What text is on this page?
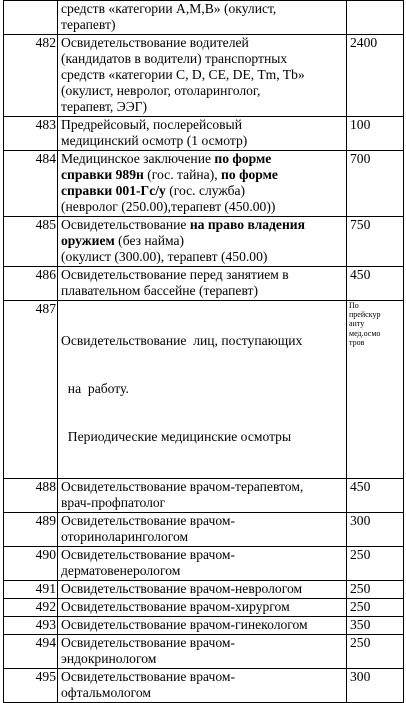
	средств «категории А,М,В» (окулист,
терапевт)	

482	Освидетельствование водителей
(кандидатов в водители) транспортных
средств «категории С, D, CE, DE, Tm, Tb»
(окулист, невролог, отоларинголог,
терапевт, ЭЭГ)	2400
483	Предрейсовый, послерейсовый
медицинский осмотр (1 осмотр)	100
484	Медицинское заключение по форме
справки 989н (гос. тайна), по форме
справки 001-Гс/у (гос. служба)
(невролог (250.00),терапевт (450.00))	700
485	Освидетельствование на право владения
оружием (без найма)
(окулист (300.00), терапевт (450.00)	750
486	Освидетельствование перед занятием в
плавательном бассейне (терапевт)	450
487	Освидетельствование  лиц, поступающих

на  работу.

Периодические медицинские осмотры	По
прейскур
анту
мед.осмо
тров

488	Освидетельствование врачом-терапевтом,
врач-профпатолог	450
489	Освидетельствование врачом-
оториноларингологом	300
490	Освидетельствование врачом-
дерматовенерологом	250
491	Освидетельствование врачом-неврологом	250
492	Освидетельствование врачом-хирургом	250
493	Освидетельствование врачом-гинекологом	350
494	Освидетельствование врачом-
эндокринологом	250
495	Освидетельствование врачом-
офтальмологом	300
